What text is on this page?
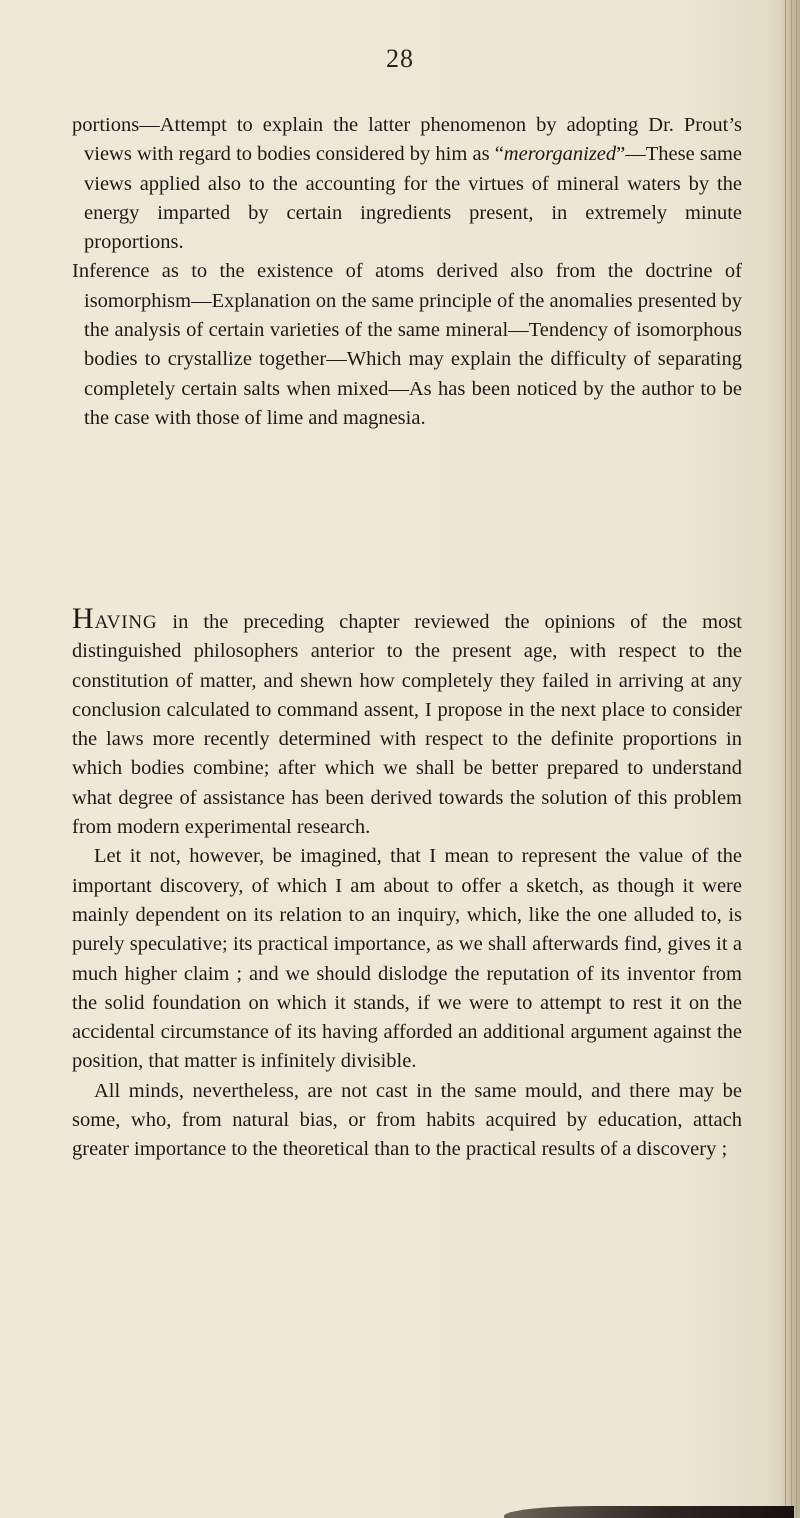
28

portions—Attempt to explain the latter phenomenon by adopting Dr. Prout’s views with regard to bodies considered by him as “merorganized”—These same views applied also to the accounting for the virtues of mineral waters by the energy imparted by certain ingredients present, in extremely minute proportions.

Inference as to the existence of atoms derived also from the doctrine of isomorphism—Explanation on the same principle of the anomalies presented by the analysis of certain varieties of the same mineral—Tendency of isomorphous bodies to crystallize together—Which may explain the difficulty of separating completely certain salts when mixed—As has been noticed by the author to be the case with those of lime and magnesia.

HAVING in the preceding chapter reviewed the opinions of the most distinguished philosophers anterior to the present age, with respect to the constitution of matter, and shewn how completely they failed in arriving at any conclusion calculated to command assent, I propose in the next place to consider the laws more recently determined with respect to the definite proportions in which bodies combine; after which we shall be better prepared to understand what degree of assistance has been derived towards the solution of this problem from modern experimental research.

Let it not, however, be imagined, that I mean to represent the value of the important discovery, of which I am about to offer a sketch, as though it were mainly dependent on its relation to an inquiry, which, like the one alluded to, is purely speculative; its practical importance, as we shall afterwards find, gives it a much higher claim ; and we should dislodge the reputation of its inventor from the solid foundation on which it stands, if we were to attempt to rest it on the accidental circumstance of its having afforded an additional argument against the position, that matter is infinitely divisible.

All minds, nevertheless, are not cast in the same mould, and there may be some, who, from natural bias, or from habits acquired by education, attach greater importance to the theoretical than to the practical results of a discovery ;
